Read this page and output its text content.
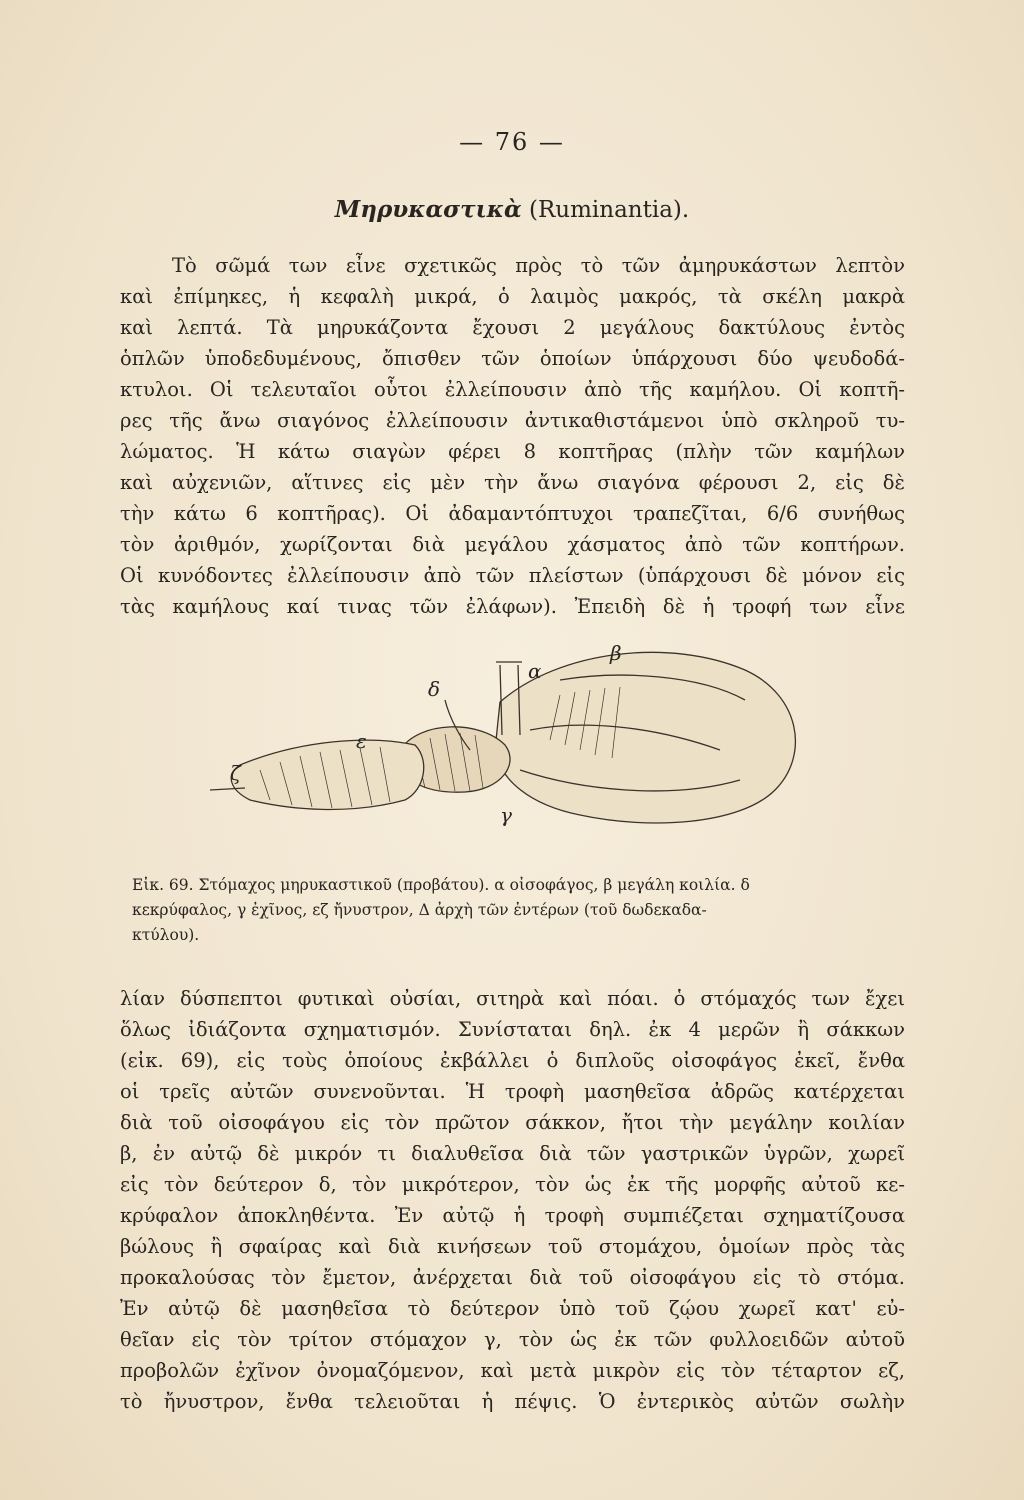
— 76 —
Μηρυκαστικὰ (Ruminantia).
Τὸ σῶμά των εἶνε σχετικῶς πρὸς τὸ τῶν ἀμηρυκάστων λεπτὸν
καὶ ἐπίμηκες, ἡ κεφαλὴ μικρά, ὁ λαιμὸς μακρός, τὰ σκέλη μακρὰ
καὶ λεπτά. Τὰ μηρυκάζοντα ἔχουσι 2 μεγάλους δακτύλους ἐντὸς
ὁπλῶν ὑποδεδυμένους, ὄπισθεν τῶν ὁποίων ὑπάρχουσι δύο ψευδοδά-
κτυλοι. Οἱ τελευταῖοι οὗτοι ἐλλείπουσιν ἀπὸ τῆς καμήλου. Οἱ κοπτῆ-
ρες τῆς ἄνω σιαγόνος ἐλλείπουσιν ἀντικαθιστάμενοι ὑπὸ σκληροῦ τυ-
λώματος. Ἡ κάτω σιαγὼν φέρει 8 κοπτῆρας (πλὴν τῶν καμήλων
καὶ αὐχενιῶν, αἵτινες εἰς μὲν τὴν ἄνω σιαγόνα φέρουσι 2, εἰς δὲ
τὴν κάτω 6 κοπτῆρας). Οἱ ἀδαμαντόπτυχοι τραπεζῖται, 6/6 συνήθως
τὸν ἀριθμόν, χωρίζονται διὰ μεγάλου χάσματος ἀπὸ τῶν κοπτήρων.
Οἱ κυνόδοντες ἐλλείπουσιν ἀπὸ τῶν πλείστων (ὑπάρχουσι δὲ μόνον εἰς
τὰς καμήλους καί τινας τῶν ἐλάφων). Ἐπειδὴ δὲ ἡ τροφή των εἶνε
α
β
γ
δ
ε
ζ
Εἰκ. 69. Στόμαχος μηρυκαστικοῦ (προβάτου). α οἰσοφάγος, β μεγάλη κοιλία. δ
κεκρύφαλος, γ ἐχῖνος, εζ ἤνυστρον, Δ ἀρχὴ τῶν ἐντέρων (τοῦ δωδεκαδα-
κτύλου).
λίαν δύσπεπτοι φυτικαὶ οὐσίαι, σιτηρὰ καὶ πόαι. ὁ στόμαχός των ἔχει
ὅλως ἰδιάζοντα σχηματισμόν. Συνίσταται δηλ. ἐκ 4 μερῶν ἢ σάκκων
(εἰκ. 69), εἰς τοὺς ὁποίους ἐκβάλλει ὁ διπλοῦς οἰσοφάγος ἐκεῖ, ἔνθα
οἱ τρεῖς αὐτῶν συνενοῦνται. Ἡ τροφὴ μασηθεῖσα ἀδρῶς κατέρχεται
διὰ τοῦ οἰσοφάγου εἰς τὸν πρῶτον σάκκον, ἤτοι τὴν μεγάλην κοιλίαν
β, ἐν αὐτῷ δὲ μικρόν τι διαλυθεῖσα διὰ τῶν γαστρικῶν ὑγρῶν, χωρεῖ
εἰς τὸν δεύτερον δ, τὸν μικρότερον, τὸν ὡς ἐκ τῆς μορφῆς αὐτοῦ κε-
κρύφαλον ἀποκληθέντα. Ἐν αὐτῷ ἡ τροφὴ συμπιέζεται σχηματίζουσα
βώλους ἢ σφαίρας καὶ διὰ κινήσεων τοῦ στομάχου, ὁμοίων πρὸς τὰς
προκαλούσας τὸν ἔμετον, ἀνέρχεται διὰ τοῦ οἰσοφάγου εἰς τὸ στόμα.
Ἐν αὐτῷ δὲ μασηθεῖσα τὸ δεύτερον ὑπὸ τοῦ ζῴου χωρεῖ κατ' εὐ-
θεῖαν εἰς τὸν τρίτον στόμαχον γ, τὸν ὡς ἐκ τῶν φυλλοειδῶν αὐτοῦ
προβολῶν ἐχῖνον ὀνομαζόμενον, καὶ μετὰ μικρὸν εἰς τὸν τέταρτον εζ,
τὸ ἤνυστρον, ἔνθα τελειοῦται ἡ πέψις. Ὁ ἐντερικὸς αὐτῶν σωλὴν
